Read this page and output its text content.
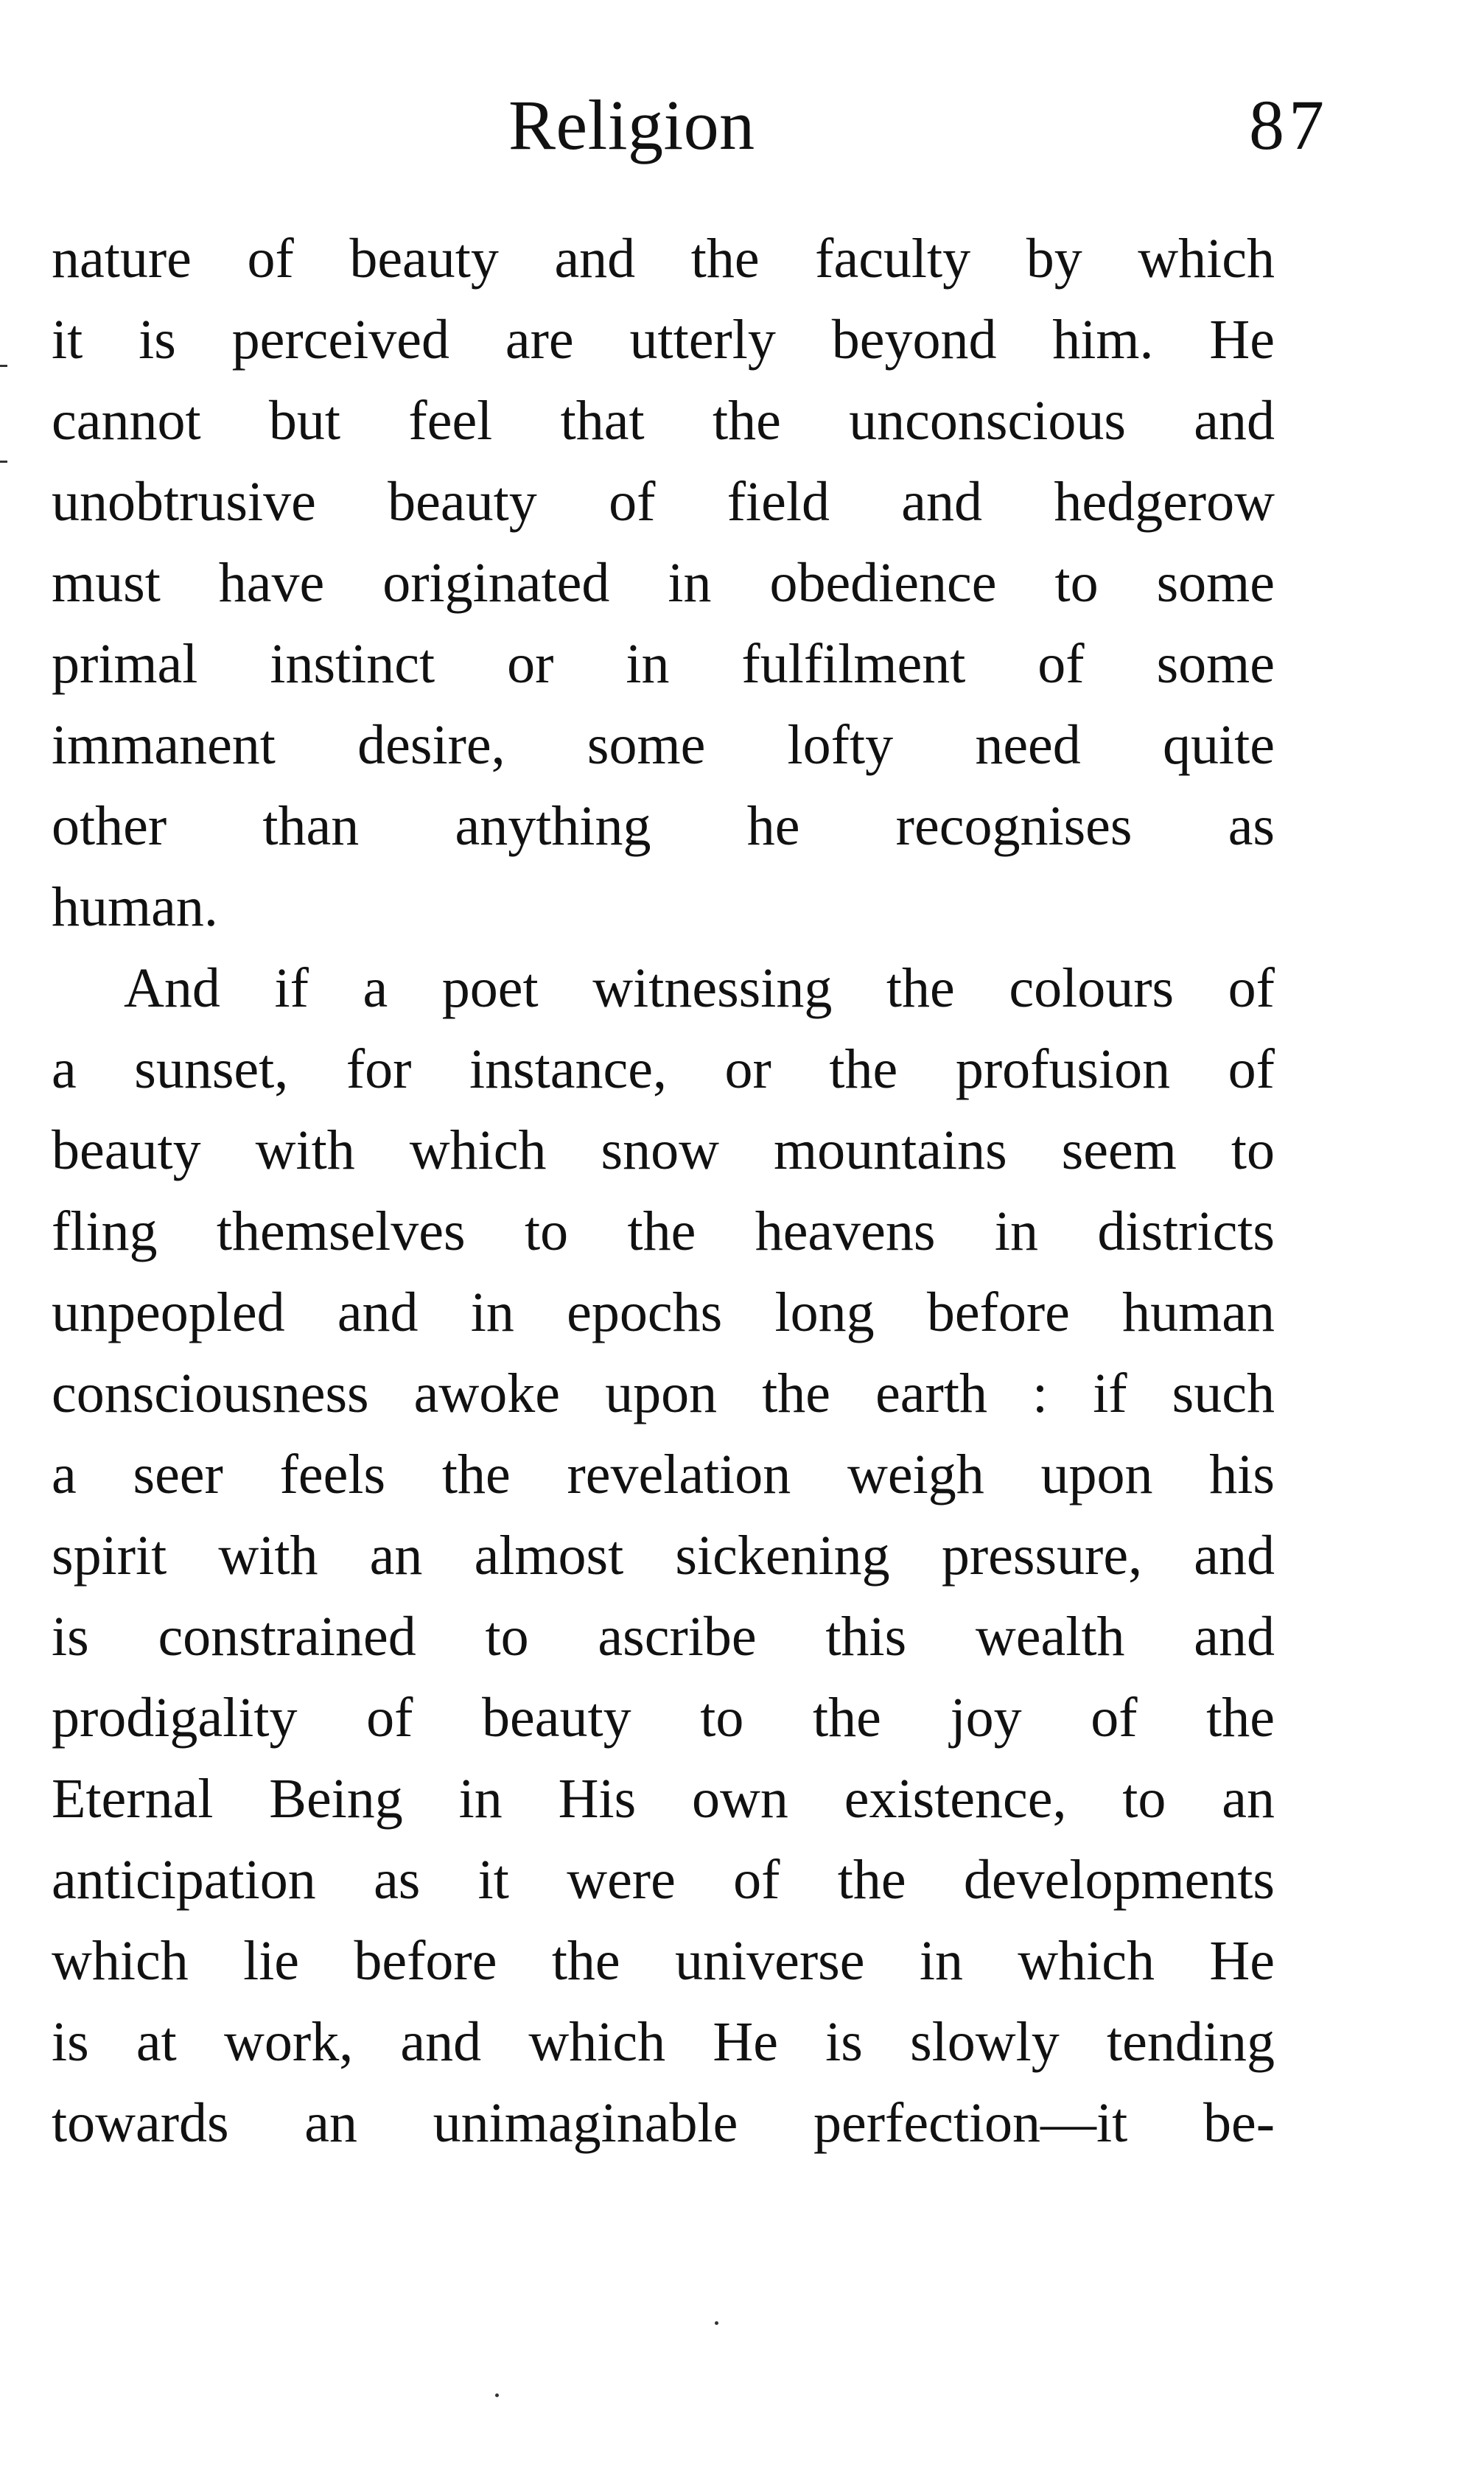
Religion	87
nature of beauty and the faculty by which
it is perceived are utterly beyond him. He
cannot but feel that the unconscious and
unobtrusive beauty of field and hedgerow
must have originated in obedience to some
primal instinct or in fulfilment of some
immanent desire, some lofty need quite
other than anything he recognises as
human.
And if a poet witnessing the colours of
a sunset, for instance, or the profusion of
beauty with which snow mountains seem to
fling themselves to the heavens in districts
unpeopled and in epochs long before human
consciousness awoke upon the earth : if such
a seer feels the revelation weigh upon his
spirit with an almost sickening pressure, and
is constrained to ascribe this wealth and
prodigality of beauty to the joy of the
Eternal Being in His own existence, to an
anticipation as it were of the developments
which lie before the universe in which He
is at work, and which He is slowly tending
towards an unimaginable perfection—it be-
